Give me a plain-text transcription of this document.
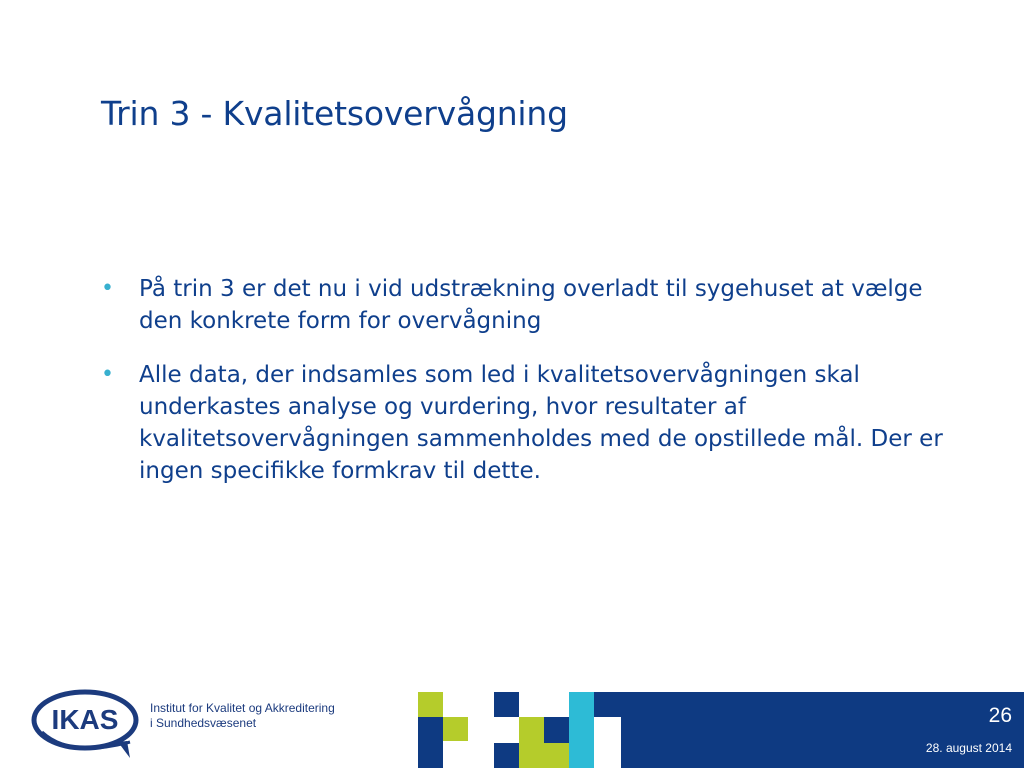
Trin 3 - Kvalitetsovervågning
• På trin 3 er det nu i vid udstrækning overladt til sygehuset at vælge den konkrete form for overvågning
• Alle data, der indsamles som led i kvalitetsovervågningen skal underkastes analyse og vurdering, hvor resultater af kvalitetsovervågningen sammenholdes med de opstillede mål. Der er ingen specifikke formkrav til dette.
IKAS	Institut for Kvalitet og Akkreditering
i Sundhedsvæsenet	26
28. august 2014
